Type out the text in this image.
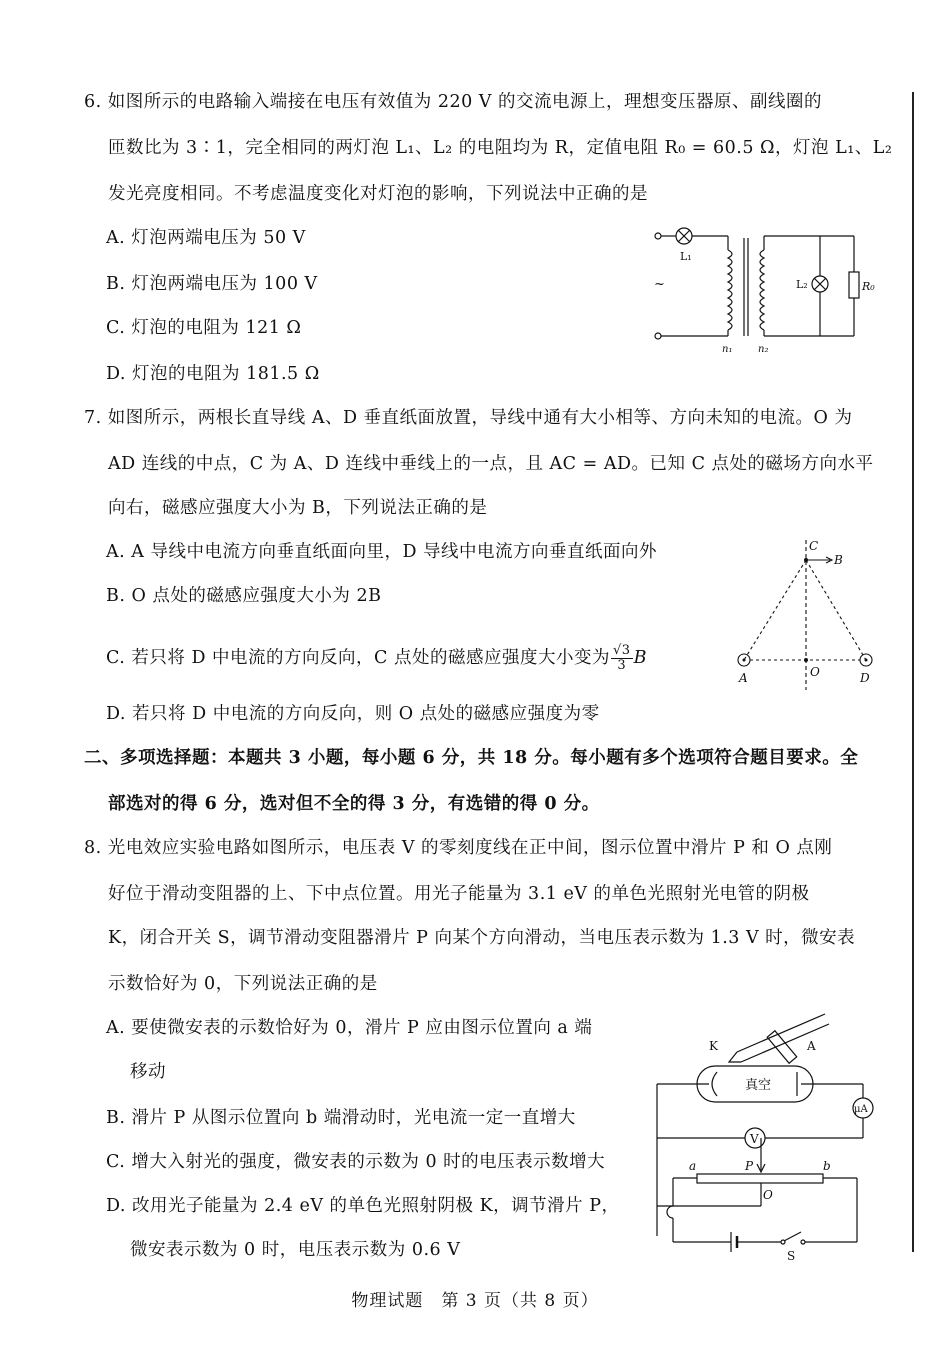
6. 如图所示的电路输入端接在电压有效值为 220 V 的交流电源上，理想变压器原、副线圈的
匝数比为 3∶1，完全相同的两灯泡 L₁、L₂ 的电阻均为 R，定值电阻 R₀ = 60.5 Ω，灯泡 L₁、L₂
发光亮度相同。不考虑温度变化对灯泡的影响，下列说法中正确的是
A. 灯泡两端电压为 50 V
B. 灯泡两端电压为 100 V
C. 灯泡的电阻为 121 Ω
D. 灯泡的电阻为 181.5 Ω
L₁
L₂	R₀
~
n₁	n₂
7. 如图所示，两根长直导线 A、D 垂直纸面放置，导线中通有大小相等、方向未知的电流。O 为
AD 连线的中点，C 为 A、D 连线中垂线上的一点，且 AC = AD。已知 C 点处的磁场方向水平
向右，磁感应强度大小为 B，下列说法正确的是
A. A 导线中电流方向垂直纸面向里，D 导线中电流方向垂直纸面向外
B. O 点处的磁感应强度大小为 2B
C. 若只将 D 中电流的方向反向，C 点处的磁感应强度大小变为 $\frac{√3}{3}$ B
D. 若只将 D 中电流的方向反向，则 O 点处的磁感应强度为零
C
B
A	O	D
二、多项选择题：本题共 3 小题，每小题 6 分，共 18 分。每小题有多个选项符合题目要求。全
部选对的得 6 分，选对但不全的得 3 分，有选错的得 0 分。
8. 光电效应实验电路如图所示，电压表 V 的零刻度线在正中间，图示位置中滑片 P 和 O 点刚
好位于滑动变阻器的上、下中点位置。用光子能量为 3.1 eV 的单色光照射光电管的阴极
K，闭合开关 S，调节滑动变阻器滑片 P 向某个方向滑动，当电压表示数为 1.3 V 时，微安表
示数恰好为 0，下列说法正确的是
A. 要使微安表的示数恰好为 0，滑片 P 应由图示位置向 a 端
移动
B. 滑片 P 从图示位置向 b 端滑动时，光电流一定一直增大
C. 增大入射光的强度，微安表的示数为 0 时的电压表示数增大
D. 改用光子能量为 2.4 eV 的单色光照射阴极 K，调节滑片 P，
微安表示数为 0 时，电压表示数为 0.6 V
K	A
真空
μA
V
a	P	b
O
S
物理试题　第 3 页（共 8 页）
